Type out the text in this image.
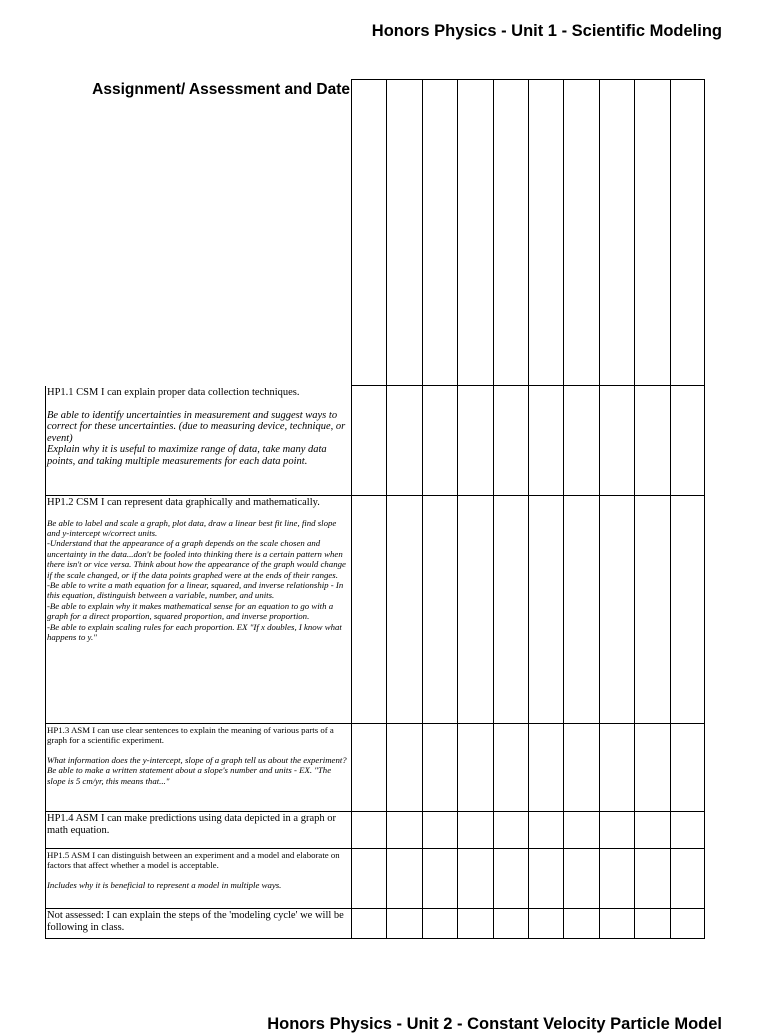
Honors Physics - Unit 1 - Scientific Modeling
Assignment/ Assessment and Date

HP1.1 CSM I can explain proper data collection techniques.

Be able to identify uncertainties in measurement and suggest ways to correct for these uncertainties. (due to measuring device, technique, or event)

Explain why it is useful to maximize range of data, take many data points, and taking multiple measurements for each data point.

HP1.2 CSM I can represent data graphically and mathematically.

Be able to label and scale a graph, plot data, draw a linear best fit line, find slope and y-intercept w/correct units.

-Understand that the appearance of a graph depends on the scale chosen and uncertainty in the data...don't be fooled into thinking there is a certain pattern when there isn't or vice versa. Think about how the appearance of the graph would change if the scale changed, or if the data points graphed were at the ends of their ranges.

-Be able to write a math equation for a linear, squared, and inverse relationship - In this equation, distinguish between a variable, number, and units.

-Be able to explain why it makes mathematical sense for an equation to go with a graph for a direct proportion, squared proportion, and inverse proportion.

-Be able to explain scaling rules for each proportion. EX "If x doubles, I know what happens to y."

HP1.3 ASM I can use clear sentences to explain the meaning of various parts of a graph for a scientific experiment.

What information does the y-intercept, slope of a graph tell us about the experiment?

Be able to make a written statement about a slope's number and units - EX. "The slope is 5 cm/yr, this means that..."

HP1.4 ASM I can make predictions using data depicted in a graph or math equation.

HP1.5 ASM I can distinguish between an experiment and a model and elaborate on factors that affect whether a model is acceptable.

Includes why it is beneficial to represent a model in multiple ways.

Not assessed: I can explain the steps of the 'modeling cycle' we will be following in class.

Honors Physics - Unit 2 - Constant Velocity Particle Model
